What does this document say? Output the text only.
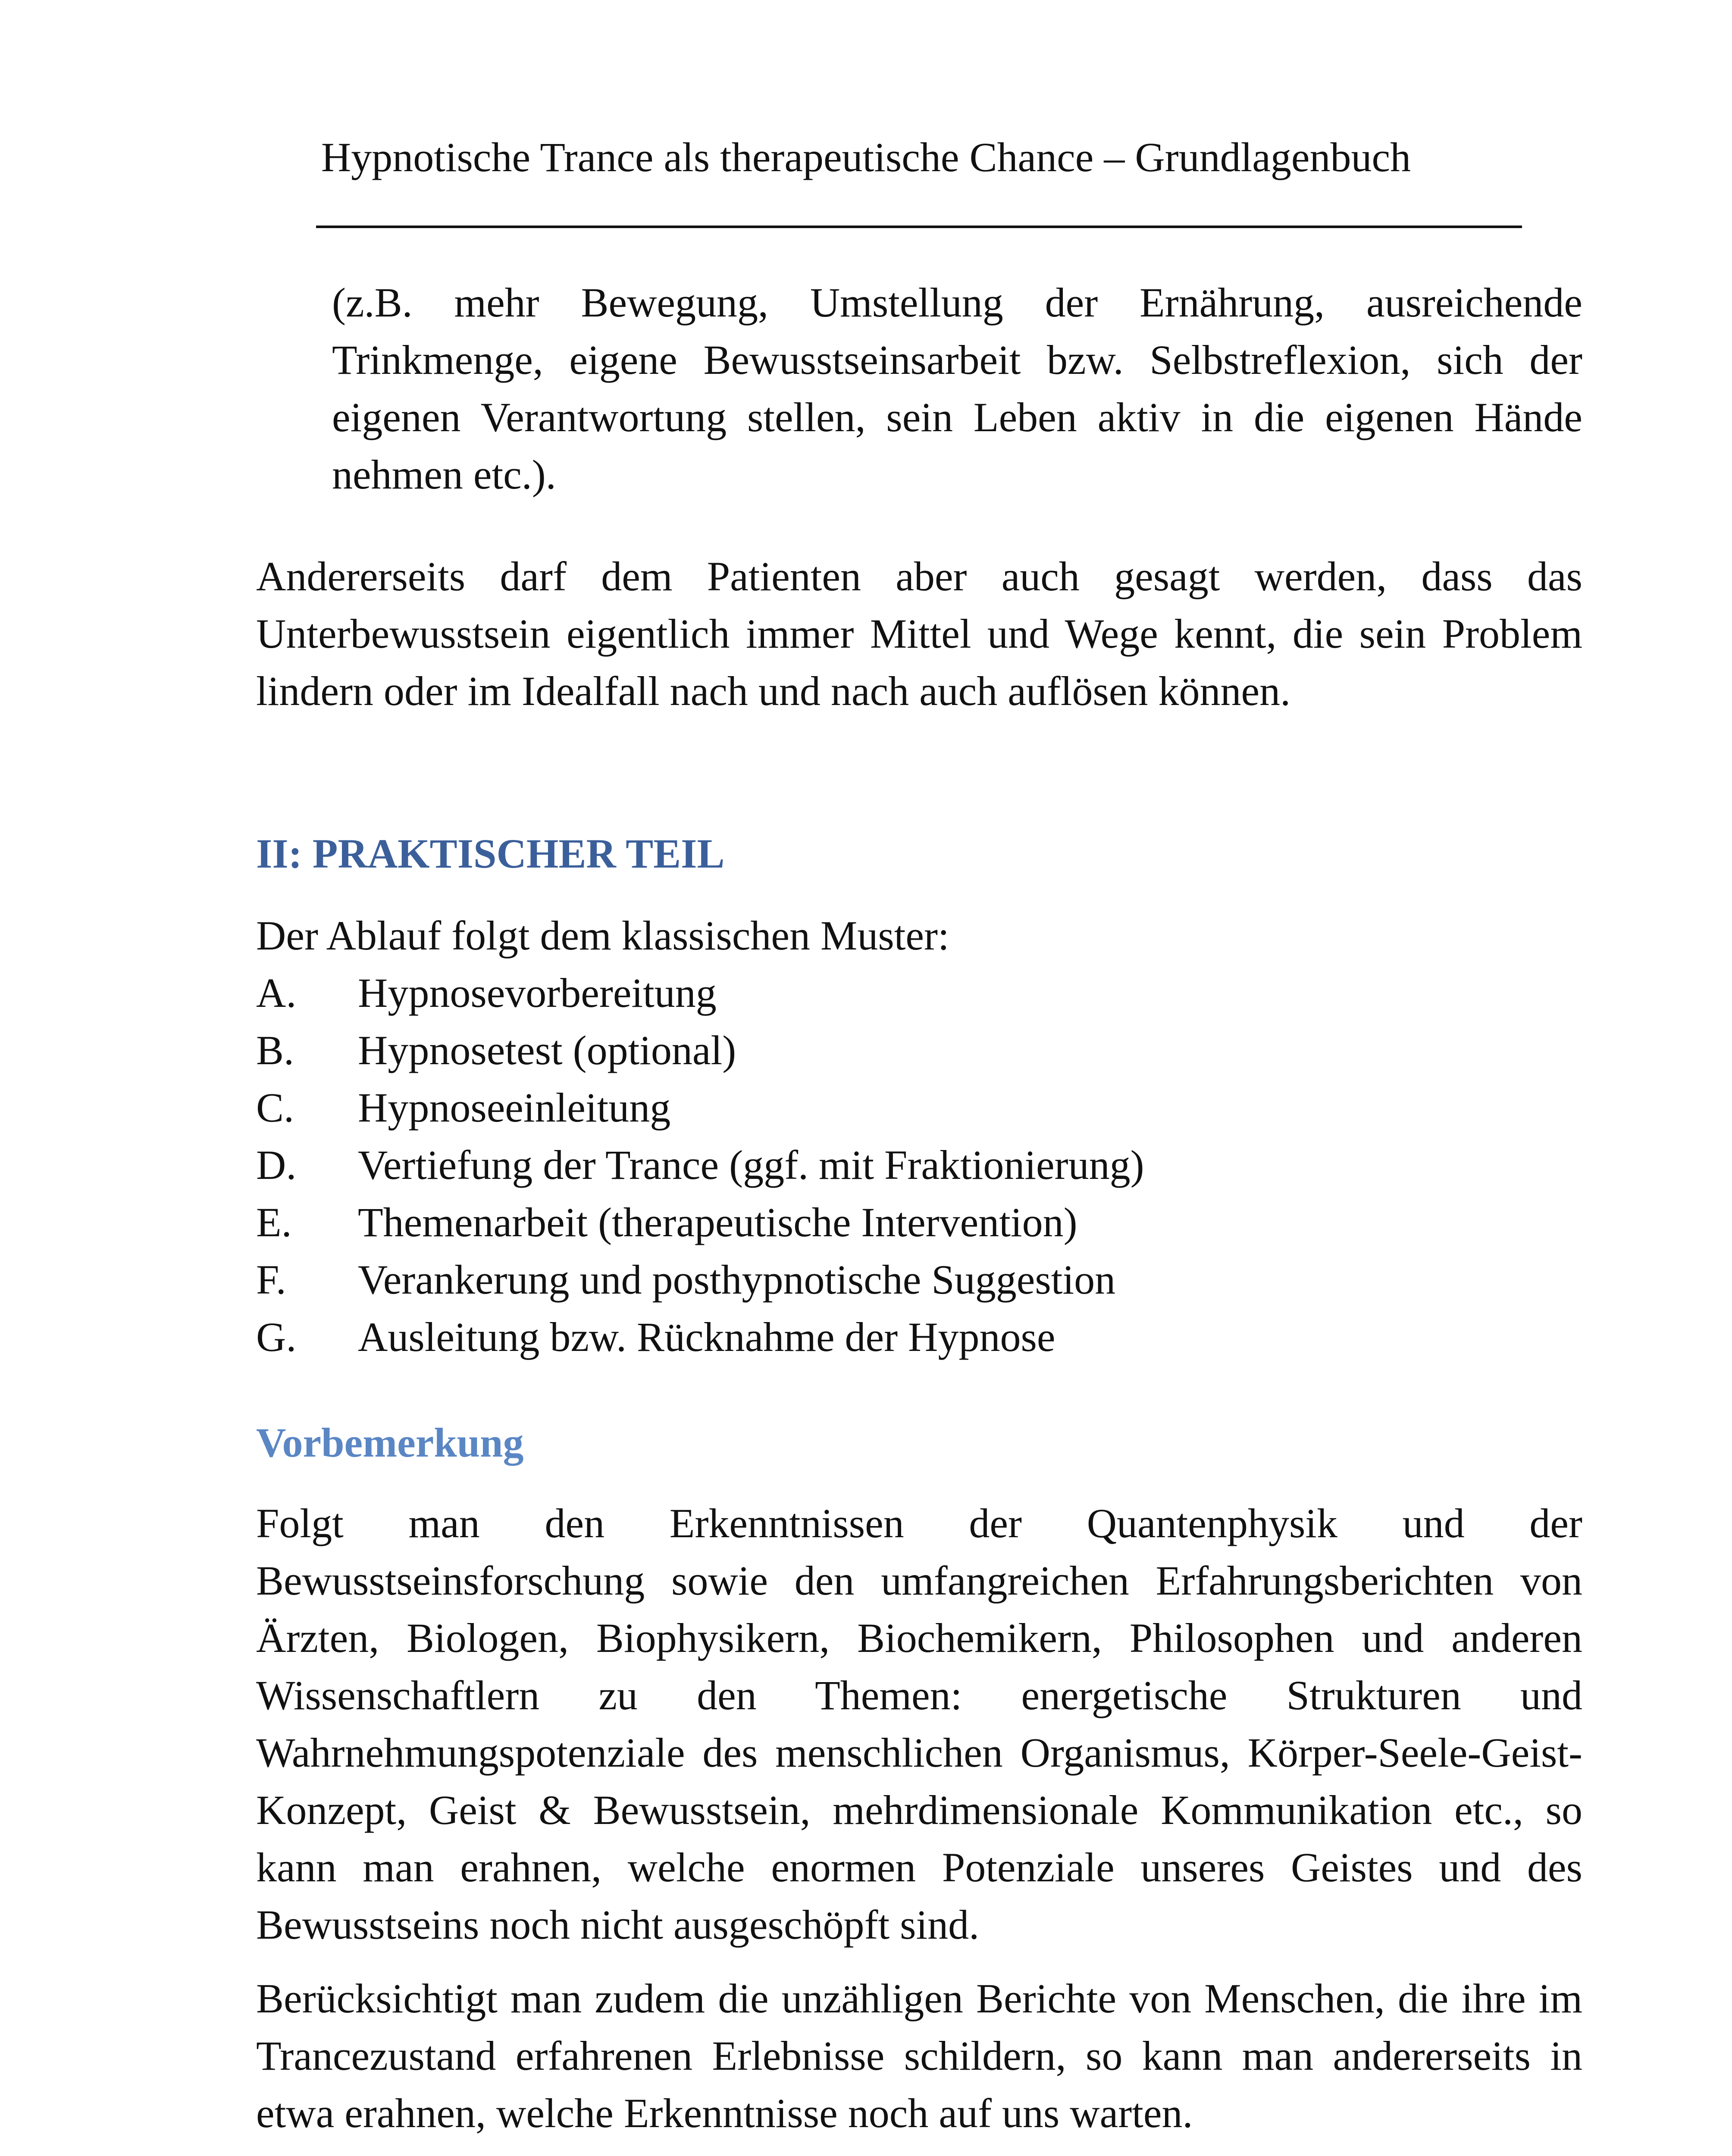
Hypnotische Trance als therapeutische Chance – Grundlagenbuch
(z.B. mehr Bewegung, Umstellung der Ernährung, ausreichende Trinkmenge, eigene Bewusstseinsarbeit bzw. Selbstreflexion, sich der eigenen Verantwortung stellen, sein Leben aktiv in die eigenen Hände nehmen etc.).
Andererseits darf dem Patienten aber auch gesagt werden, dass das Unterbewusstsein eigentlich immer Mittel und Wege kennt, die sein Problem lindern oder im Idealfall nach und nach auch auflösen können.
II: PRAKTISCHER TEIL
Der Ablauf folgt dem klassischen Muster:
A.	Hypnosevorbereitung
B.	Hypnosetest (optional)
C.	Hypnoseeinleitung
D.	Vertiefung der Trance (ggf. mit Fraktionierung)
E.	Themenarbeit (therapeutische Intervention)
F.	Verankerung und posthypnotische Suggestion
G.	Ausleitung bzw. Rücknahme der Hypnose
Vorbemerkung
Folgt man den Erkenntnissen der Quantenphysik und der Bewusstseinsforschung sowie den umfangreichen Erfahrungsberichten von Ärzten, Biologen, Biophysikern, Biochemikern, Philosophen und anderen Wissenschaftlern zu den Themen: energetische Strukturen und Wahrnehmungspotenziale des menschlichen Organismus, Körper-Seele-Geist-Konzept, Geist & Bewusstsein, mehrdimensionale Kommunikation etc., so kann man erahnen, welche enormen Potenziale unseres Geistes und des Bewusstseins noch nicht ausgeschöpft sind.
Berücksichtigt man zudem die unzähligen Berichte von Menschen, die ihre im Trancezustand erfahrenen Erlebnisse schildern, so kann man andererseits in etwa erahnen, welche Erkenntnisse noch auf uns warten.
